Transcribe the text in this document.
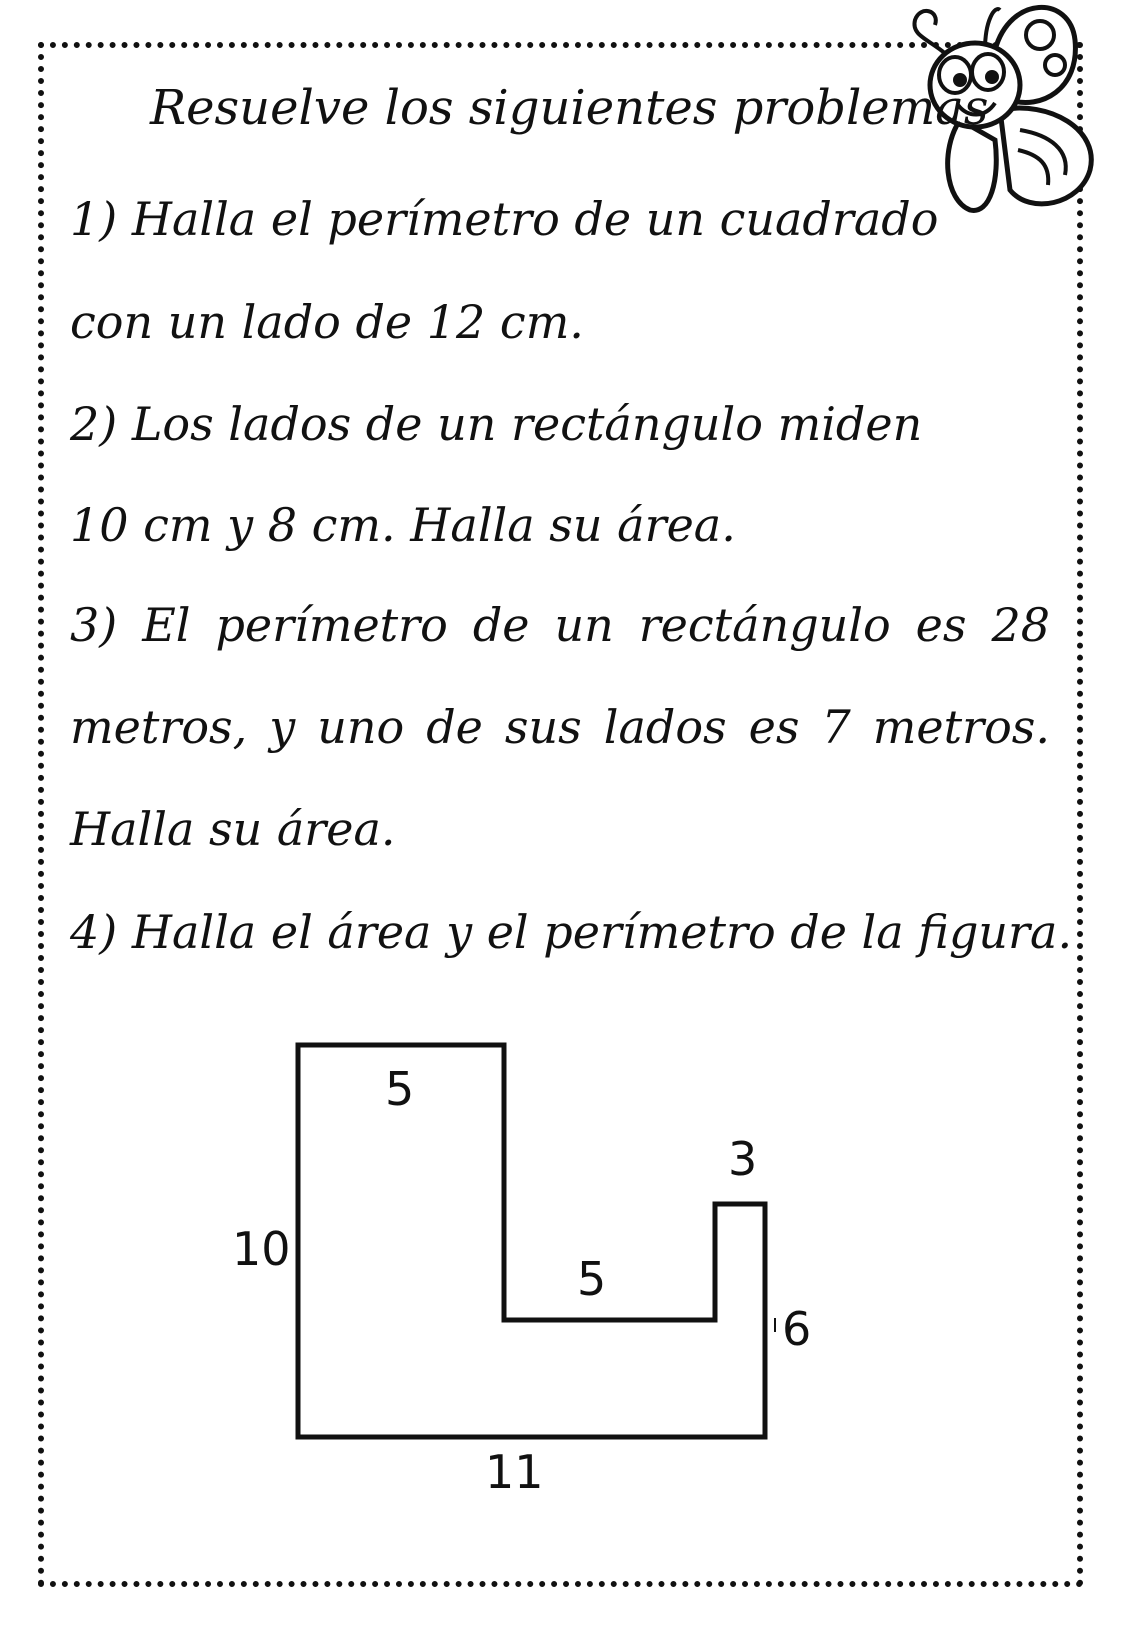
Resuelve los siguientes problemas
1) Halla el perímetro de un cuadrado
con un lado de 12 cm.
2) Los lados de un rectángulo miden
10 cm y 8 cm. Halla su área.
3) El perímetro de un rectángulo es 28
metros, y uno de sus lados es 7 metros.
Halla su área.
4) Halla el área y el perímetro de la figura.
5
10
5
3
6
11
